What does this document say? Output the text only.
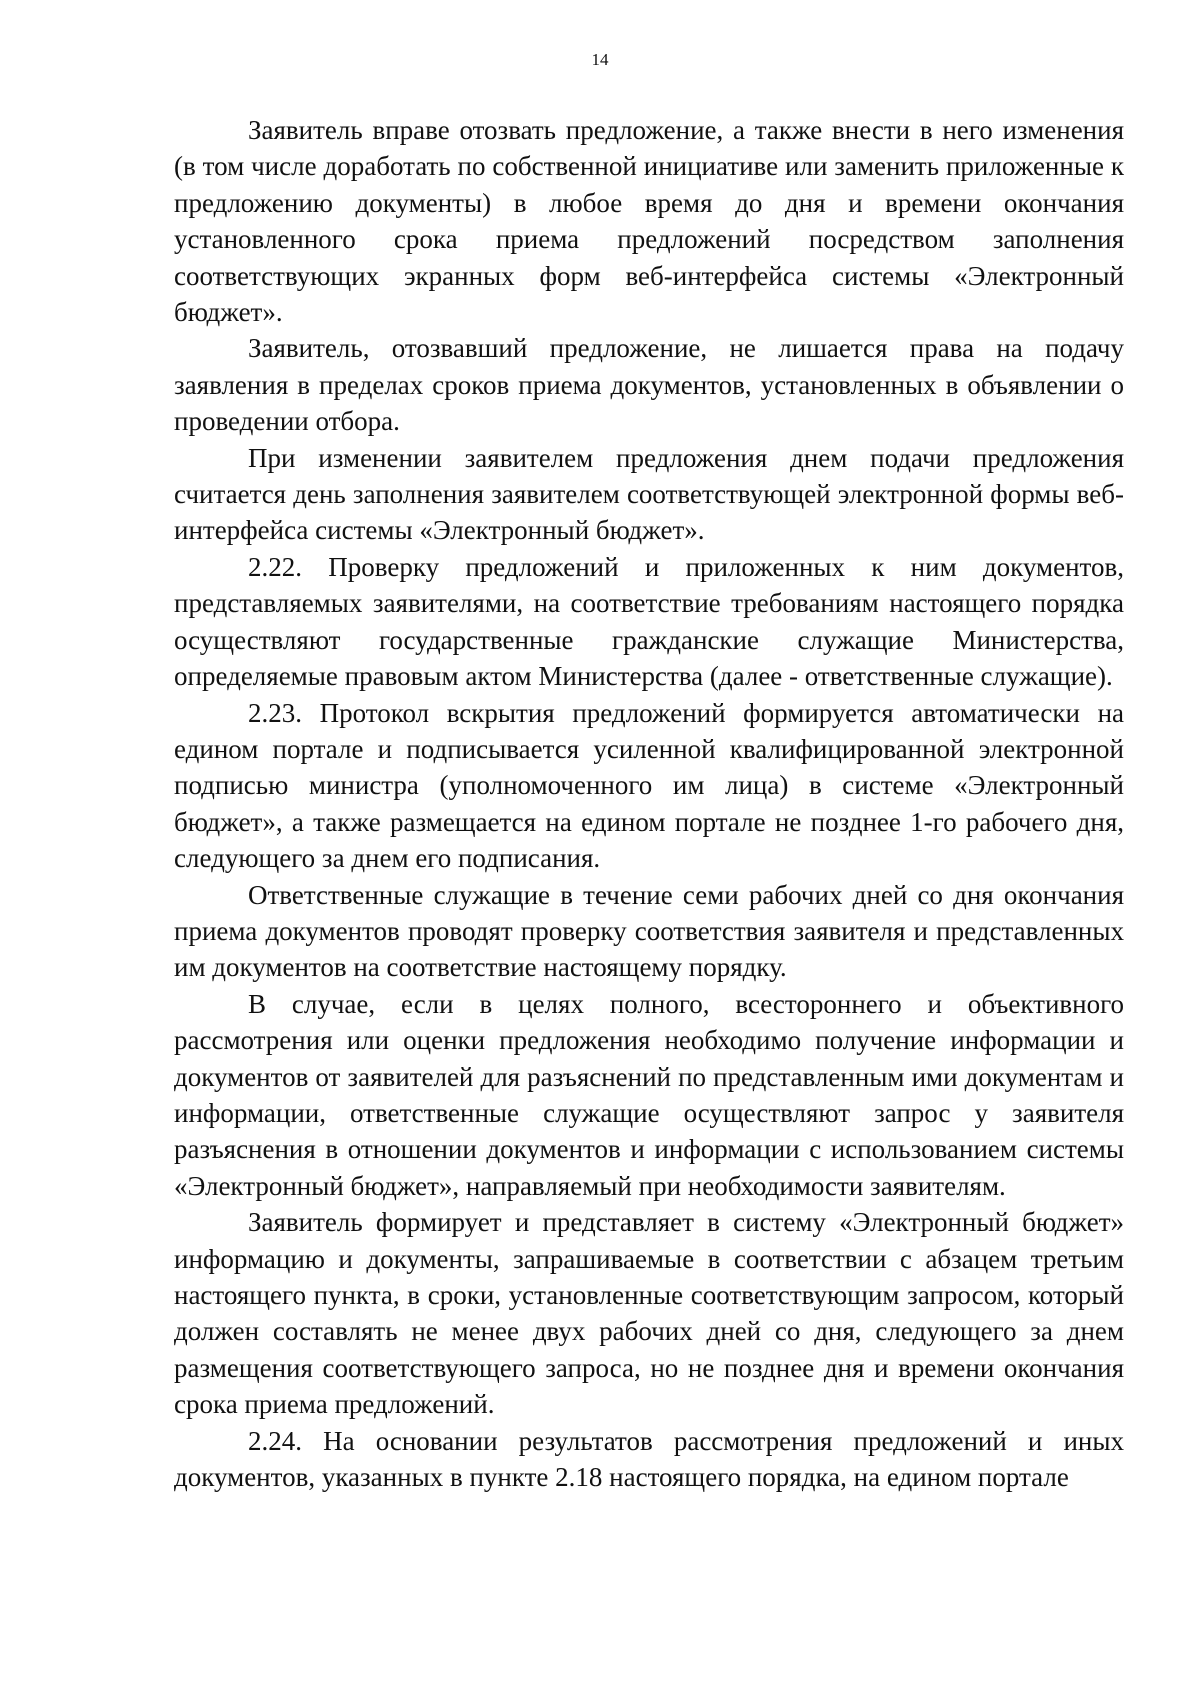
14

Заявитель вправе отозвать предложение, а также внести в него изменения (в том числе доработать по собственной инициативе или заменить приложенные к предложению документы) в любое время до дня и времени окончания установленного срока приема предложений посредством заполнения соответствующих экранных форм веб-интерфейса системы «Электронный бюджет».

Заявитель, отозвавший предложение, не лишается права на подачу заявления в пределах сроков приема документов, установленных в объявлении о проведении отбора.

При изменении заявителем предложения днем подачи предложения считается день заполнения заявителем соответствующей электронной формы веб-интерфейса системы «Электронный бюджет».

2.22. Проверку предложений и приложенных к ним документов, представляемых заявителями, на соответствие требованиям настоящего порядка осуществляют государственные гражданские служащие Министерства, определяемые правовым актом Министерства (далее - ответственные служащие).

2.23. Протокол вскрытия предложений формируется автоматически на едином портале и подписывается усиленной квалифицированной электронной подписью министра (уполномоченного им лица) в системе «Электронный бюджет», а также размещается на едином портале не позднее 1-го рабочего дня, следующего за днем его подписания.

Ответственные служащие в течение семи рабочих дней со дня окончания приема документов проводят проверку соответствия заявителя и представленных им документов на соответствие настоящему порядку.

В случае, если в целях полного, всестороннего и объективного рассмотрения или оценки предложения необходимо получение информации и документов от заявителей для разъяснений по представленным ими документам и информации, ответственные служащие осуществляют запрос у заявителя разъяснения в отношении документов и информации с использованием системы «Электронный бюджет», направляемый при необходимости заявителям.

Заявитель формирует и представляет в систему «Электронный бюджет» информацию и документы, запрашиваемые в соответствии с абзацем третьим настоящего пункта, в сроки, установленные соответствующим запросом, который должен составлять не менее двух рабочих дней со дня, следующего за днем размещения соответствующего запроса, но не позднее дня и времени окончания срока приема предложений.

2.24. На основании результатов рассмотрения предложений и иных документов, указанных в пункте 2.18 настоящего порядка, на едином портале
